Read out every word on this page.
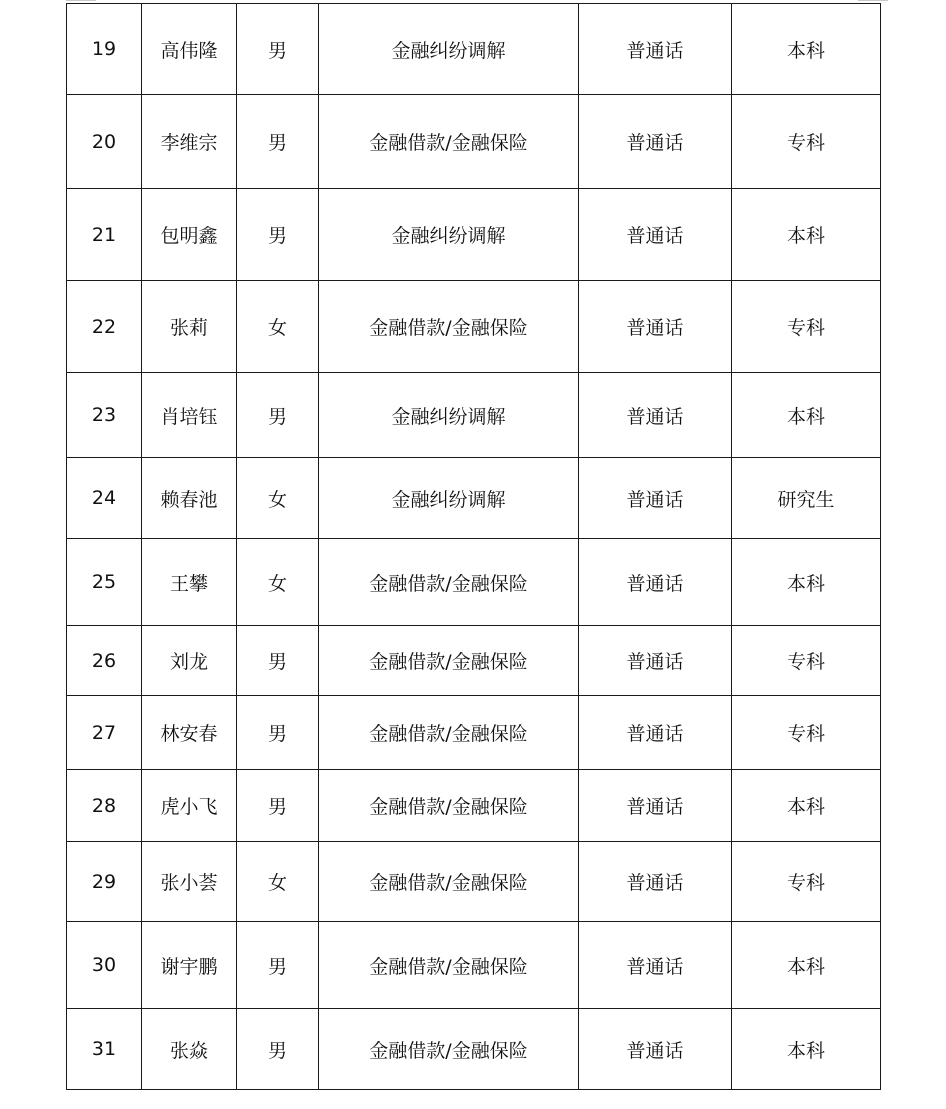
19	高伟隆	男	金融纠纷调解	普通话	本科
20	李维宗	男	金融借款/金融保险	普通话	专科
21	包明鑫	男	金融纠纷调解	普通话	本科
22	张莉	女	金融借款/金融保险	普通话	专科
23	肖培钰	男	金融纠纷调解	普通话	本科
24	赖春池	女	金融纠纷调解	普通话	研究生
25	王攀	女	金融借款/金融保险	普通话	本科
26	刘龙	男	金融借款/金融保险	普通话	专科
27	林安春	男	金融借款/金融保险	普通话	专科
28	虎小飞	男	金融借款/金融保险	普通话	本科
29	张小荟	女	金融借款/金融保险	普通话	专科
30	谢宇鹏	男	金融借款/金融保险	普通话	本科
31	张焱	男	金融借款/金融保险	普通话	本科
